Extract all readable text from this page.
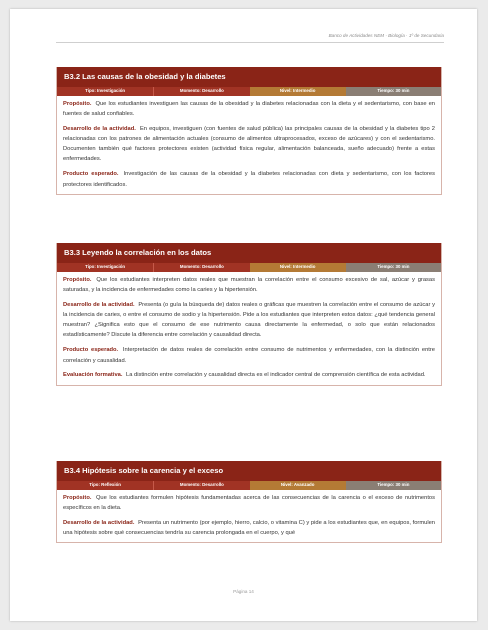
Banco de Actividades NEM · Biología · 1º de Secundaria
B3.2 Las causas de la obesidad y la diabetes
Tipo: Investigación	Momento: Desarrollo	Nivel: Intermedio	Tiempo: 30 min

Propósito. Que los estudiantes investiguen las causas de la obesidad y la diabetes relacionadas con la dieta y el sedentarismo, con base en fuentes de salud confiables.

Desarrollo de la actividad. En equipos, investiguen (con fuentes de salud pública) las principales causas de la obesidad y la diabetes tipo 2 relacionadas con los patrones de alimentación actuales (consumo de alimentos ultraprocesados, exceso de azúcares) y con el sedentarismo. Documenten también qué factores protectores existen (actividad física regular, alimentación balanceada, sueño adecuado) frente a estas enfermedades.

Producto esperado. Investigación de las causas de la obesidad y la diabetes relacionadas con dieta y sedentarismo, con los factores protectores identificados.

B3.3 Leyendo la correlación en los datos
Tipo: Investigación	Momento: Desarrollo	Nivel: Intermedio	Tiempo: 30 min

Propósito. Que los estudiantes interpreten datos reales que muestran la correlación entre el consumo excesivo de sal, azúcar y grasas saturadas, y la incidencia de enfermedades como la caries y la hipertensión.

Desarrollo de la actividad. Presenta (o guía la búsqueda de) datos reales o gráficas que muestren la correlación entre el consumo de azúcar y la incidencia de caries, o entre el consumo de sodio y la hipertensión. Pide a los estudiantes que interpreten estos datos: ¿qué tendencia general muestran? ¿Significa esto que el consumo de ese nutrimento causa directamente la enfermedad, o solo que están relacionados estadísticamente? Discute la diferencia entre correlación y causalidad directa.

Producto esperado. Interpretación de datos reales de correlación entre consumo de nutrimentos y enfermedades, con la distinción entre correlación y causalidad.

Evaluación formativa. La distinción entre correlación y causalidad directa es el indicador central de comprensión científica de esta actividad.

B3.4 Hipótesis sobre la carencia y el exceso
Tipo: Reflexión	Momento: Desarrollo	Nivel: Avanzado	Tiempo: 30 min

Propósito. Que los estudiantes formulen hipótesis fundamentadas acerca de las consecuencias de la carencia o el exceso de nutrimentos específicos en la dieta.

Desarrollo de la actividad. Presenta un nutrimento (por ejemplo, hierro, calcio, o vitamina C) y pide a los estudiantes que, en equipos, formulen una hipótesis sobre qué consecuencias tendría su carencia prolongada en el cuerpo, y qué

Página 14
